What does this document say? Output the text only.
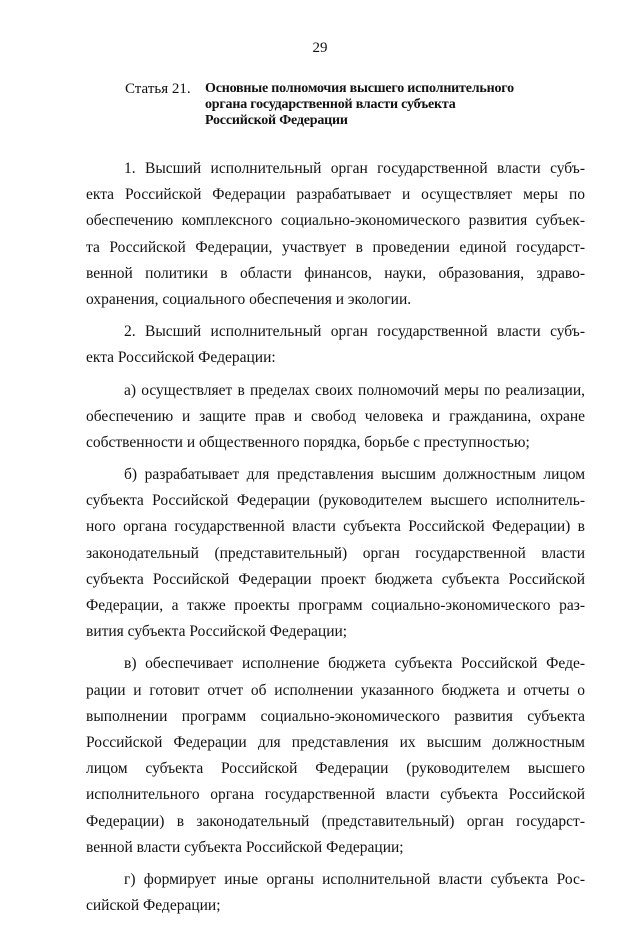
29
Статья 21.	Основные полномочия высшего исполнительного
органа государственной власти субъекта
Российской Федерации
1. Высший исполнительный орган государственной власти субъ-
екта Российской Федерации разрабатывает и осуществляет меры по
обеспечению комплексного социально-экономического развития субъек-
та Российской Федерации, участвует в проведении единой государст-
венной политики в области финансов, науки, образования, здраво-
охранения, социального обеспечения и экологии.
2. Высший исполнительный орган государственной власти субъ-
екта Российской Федерации:
а) осуществляет в пределах своих полномочий меры по реализации,
обеспечению и защите прав и свобод человека и гражданина, охране
собственности и общественного порядка, борьбе с преступностью;
б) разрабатывает для представления высшим должностным лицом
субъекта Российской Федерации (руководителем высшего исполнитель-
ного органа государственной власти субъекта Российской Федерации) в
законодательный (представительный) орган государственной власти
субъекта Российской Федерации проект бюджета субъекта Российской
Федерации, а также проекты программ социально-экономического раз-
вития субъекта Российской Федерации;
в) обеспечивает исполнение бюджета субъекта Российской Феде-
рации и готовит отчет об исполнении указанного бюджета и отчеты о
выполнении программ социально-экономического развития субъекта
Российской Федерации для представления их высшим должностным
лицом субъекта Российской Федерации (руководителем высшего
исполнительного органа государственной власти субъекта Российской
Федерации) в законодательный (представительный) орган государст-
венной власти субъекта Российской Федерации;
г) формирует иные органы исполнительной власти субъекта Рос-
сийской Федерации;
